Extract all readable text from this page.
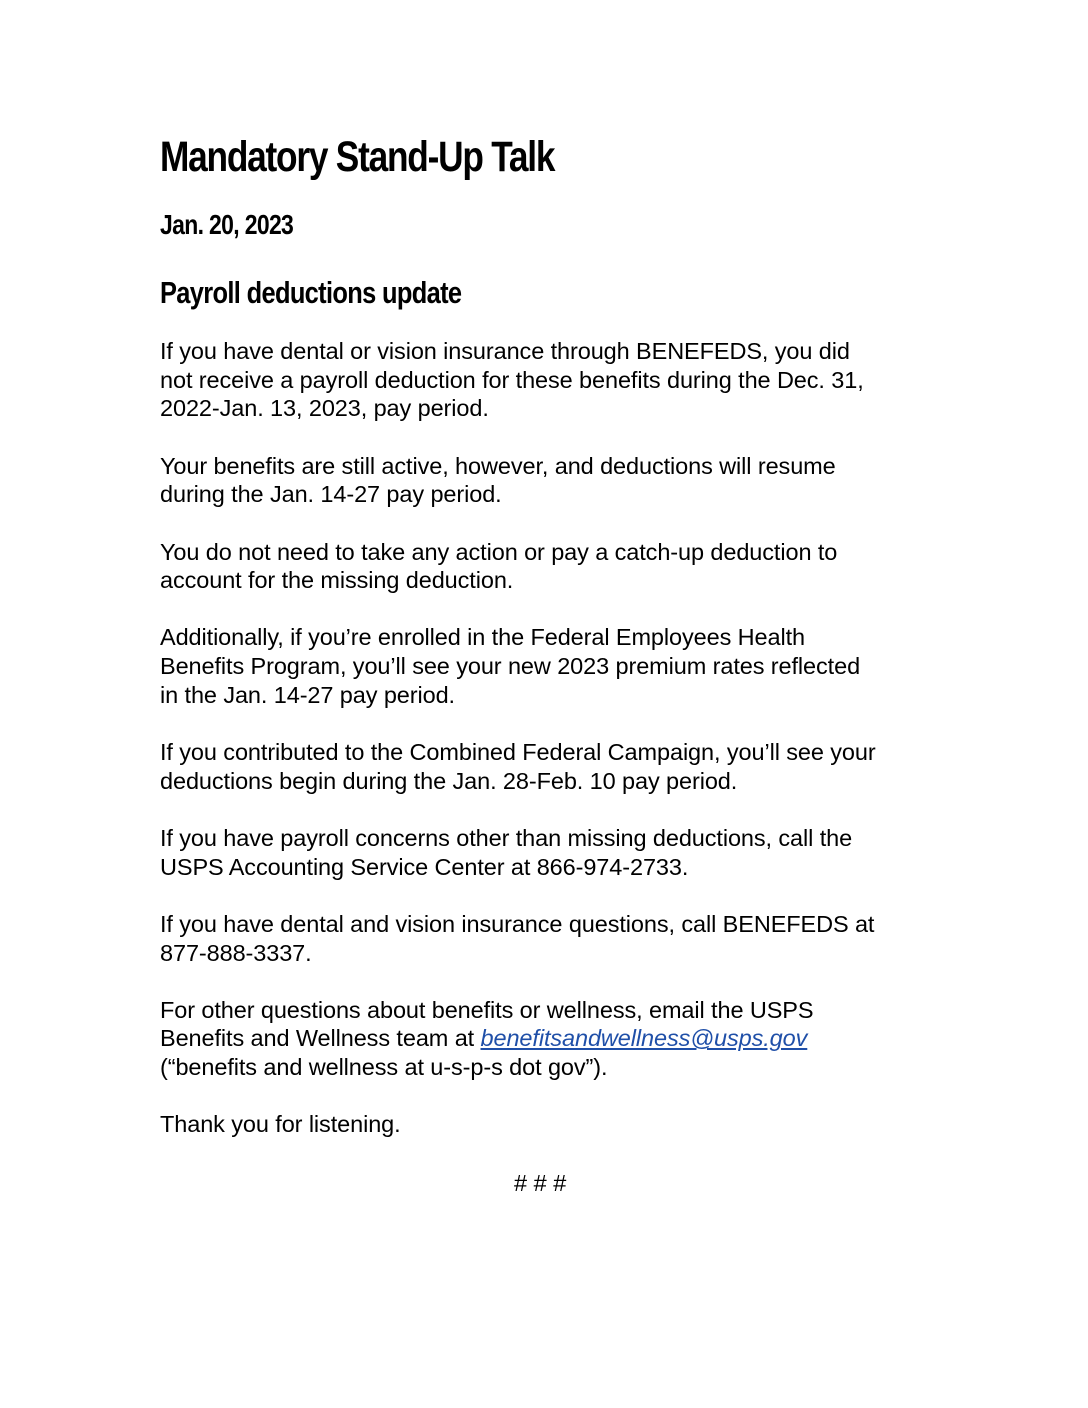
Mandatory Stand-Up Talk
Jan. 20, 2023
Payroll deductions update

If you have dental or vision insurance through BENEFEDS, you did
not receive a payroll deduction for these benefits during the Dec. 31,
2022-Jan. 13, 2023, pay period.

Your benefits are still active, however, and deductions will resume
during the Jan. 14-27 pay period.

You do not need to take any action or pay a catch-up deduction to
account for the missing deduction.

Additionally, if you’re enrolled in the Federal Employees Health
Benefits Program, you’ll see your new 2023 premium rates reflected
in the Jan. 14-27 pay period.

If you contributed to the Combined Federal Campaign, you’ll see your
deductions begin during the Jan. 28-Feb. 10 pay period.

If you have payroll concerns other than missing deductions, call the
USPS Accounting Service Center at 866-974-2733.

If you have dental and vision insurance questions, call BENEFEDS at
877-888-3337.

For other questions about benefits or wellness, email the USPS
Benefits and Wellness team at benefitsandwellness@usps.gov
(“benefits and wellness at u-s-p-s dot gov”).

Thank you for listening.

# # #
